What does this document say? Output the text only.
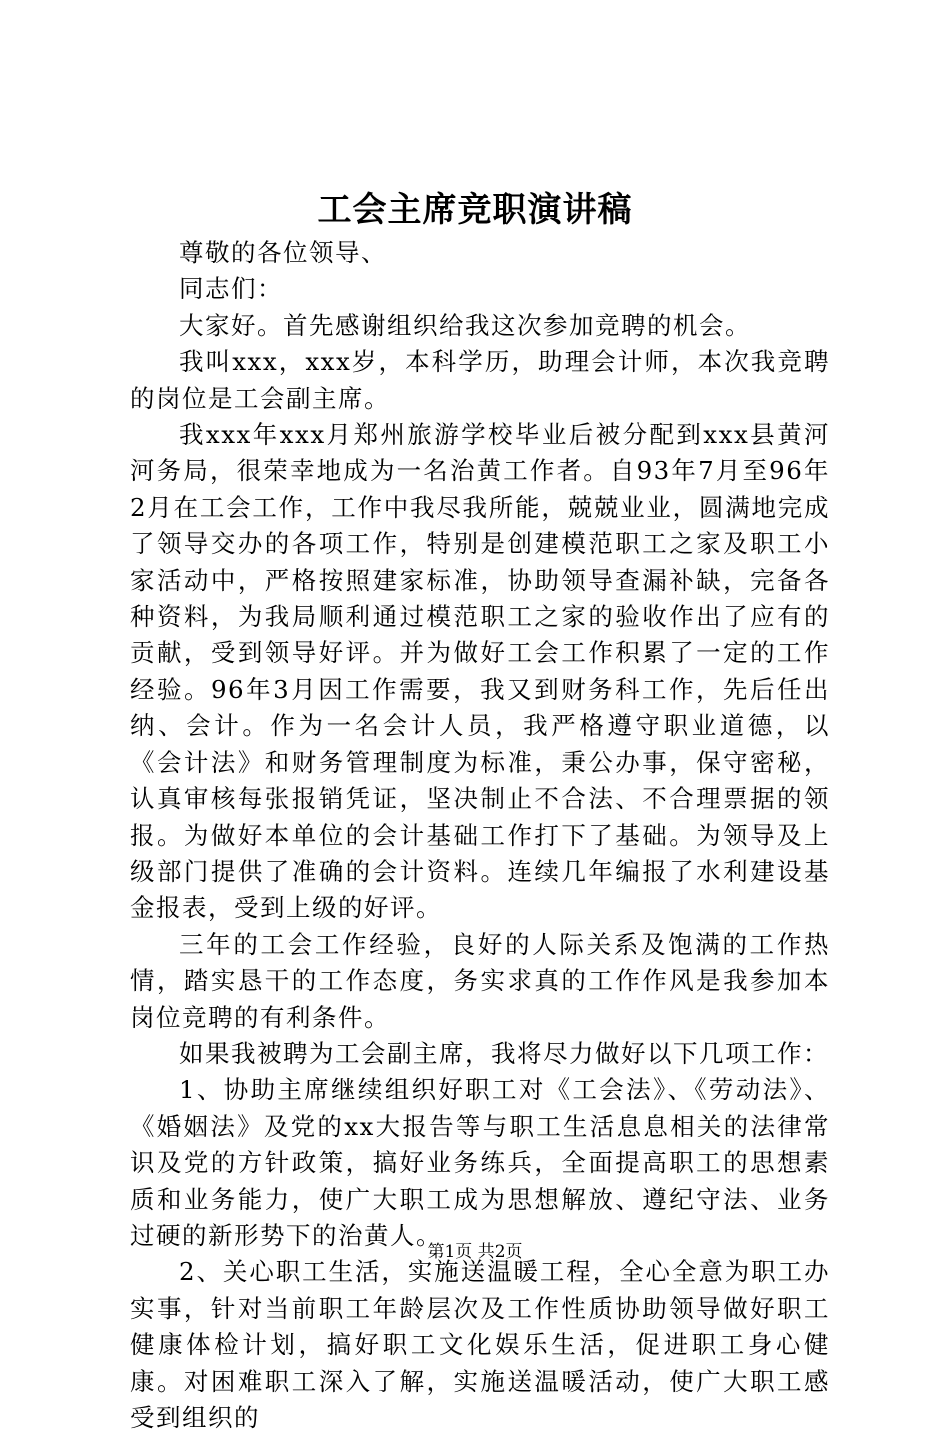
工会主席竞职演讲稿

尊敬的各位领导、

同志们：

大家好。首先感谢组织给我这次参加竞聘的机会。

我叫xxx，xxx岁，本科学历，助理会计师，本次我竞聘的岗位是工会副主席。

我xxx年xxx月郑州旅游学校毕业后被分配到xxx县黄河河务局，很荣幸地成为一名治黄工作者。自93年7月至96年2月在工会工作，工作中我尽我所能，兢兢业业，圆满地完成了领导交办的各项工作，特别是创建模范职工之家及职工小家活动中，严格按照建家标准，协助领导查漏补缺，完备各种资料，为我局顺利通过模范职工之家的验收作出了应有的贡献，受到领导好评。并为做好工会工作积累了一定的工作经验。96年3月因工作需要，我又到财务科工作，先后任出纳、会计。作为一名会计人员，我严格遵守职业道德，以《会计法》和财务管理制度为标准，秉公办事，保守密秘，认真审核每张报销凭证，坚决制止不合法、不合理票据的领报。为做好本单位的会计基础工作打下了基础。为领导及上级部门提供了准确的会计资料。连续几年编报了水利建设基金报表，受到上级的好评。

三年的工会工作经验，良好的人际关系及饱满的工作热情，踏实恳干的工作态度，务实求真的工作作风是我参加本岗位竞聘的有利条件。

如果我被聘为工会副主席，我将尽力做好以下几项工作：

1、协助主席继续组织好职工对《工会法》、《劳动法》、《婚姻法》及党的xx大报告等与职工生活息息相关的法律常识及党的方针政策，搞好业务练兵，全面提高职工的思想素质和业务能力，使广大职工成为思想解放、遵纪守法、业务过硬的新形势下的治黄人。

2、关心职工生活，实施送温暖工程，全心全意为职工办实事，针对当前职工年龄层次及工作性质协助领导做好职工健康体检计划，搞好职工文化娱乐生活，促进职工身心健康。对困难职工深入了解，实施送温暖活动，使广大职工感受到组织的

第1页 共2页
